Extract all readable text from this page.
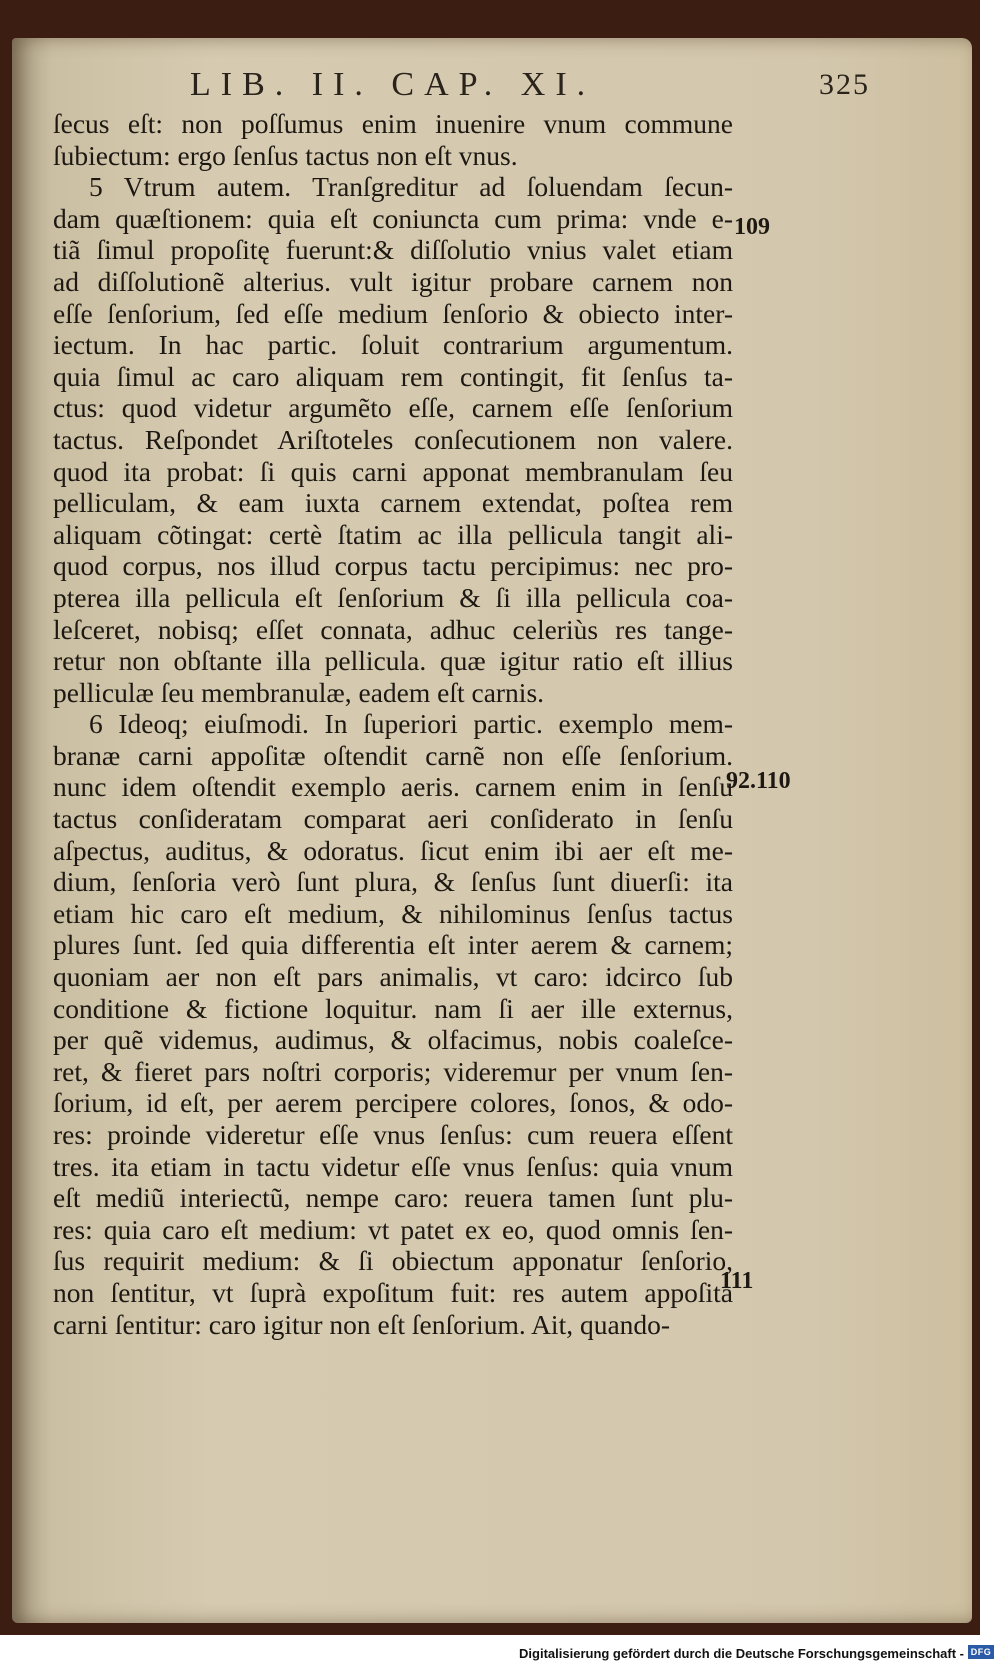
LIB. II. CAP. XI.	325
ſecus eſt: non poſſumus enim inuenire vnum commune
ſubiectum: ergo ſenſus tactus non eſt vnus.
5 Vtrum autem. Tranſgreditur ad ſoluendam ſecun-
dam quæſtionem: quia eſt coniuncta cum prima: vnde e-
tiã ſimul propoſitę fuerunt:& diſſolutio vnius valet etiam
ad diſſolutionẽ alterius. vult igitur probare carnem non
eſſe ſenſorium, ſed eſſe medium ſenſorio & obiecto inter-
iectum. In hac partic. ſoluit contrarium argumentum.
quia ſimul ac caro aliquam rem contingit, fit ſenſus ta-
ctus: quod videtur argumẽto eſſe, carnem eſſe ſenſorium
tactus. Reſpondet Ariſtoteles conſecutionem non valere.
quod ita probat: ſi quis carni apponat membranulam ſeu
pelliculam, & eam iuxta carnem extendat, poſtea rem
aliquam cõtingat: certè ſtatim ac illa pellicula tangit ali-
quod corpus, nos illud corpus tactu percipimus: nec pro-
pterea illa pellicula eſt ſenſorium & ſi illa pellicula coa-
leſceret, nobisq; eſſet connata, adhuc celeriùs res tange-
retur non obſtante illa pellicula. quæ igitur ratio eſt illius
pelliculæ ſeu membranulæ, eadem eſt carnis.
6 Ideoq; eiuſmodi. In ſuperiori partic. exemplo mem-
branæ carni appoſitæ oſtendit carnẽ non eſſe ſenſorium.
nunc idem oſtendit exemplo aeris. carnem enim in ſenſu
tactus conſideratam comparat aeri conſiderato in ſenſu
aſpectus, auditus, & odoratus. ſicut enim ibi aer eſt me-
dium, ſenſoria verò ſunt plura, & ſenſus ſunt diuerſi: ita
etiam hic caro eſt medium, & nihilominus ſenſus tactus
plures ſunt. ſed quia differentia eſt inter aerem & carnem;
quoniam aer non eſt pars animalis, vt caro: idcirco ſub
conditione & fictione loquitur. nam ſi aer ille externus,
per quẽ videmus, audimus, & olfacimus, nobis coaleſce-
ret, & fieret pars noſtri corporis; videremur per vnum ſen-
ſorium, id eſt, per aerem percipere colores, ſonos, & odo-
res: proinde videretur eſſe vnus ſenſus: cum reuera eſſent
tres. ita etiam in tactu videtur eſſe vnus ſenſus: quia vnum
eſt mediũ interiectũ, nempe caro: reuera tamen ſunt plu-
res: quia caro eſt medium: vt patet ex eo, quod omnis ſen-
ſus requirit medium: & ſi obiectum apponatur ſenſorio,
non ſentitur, vt ſuprà expoſitum fuit: res autem appoſita
carni ſentitur: caro igitur non eſt ſenſorium. Ait, quando-
109
92.110
111
Digitalisierung gefördert durch die Deutsche Forschungsgemeinschaft - DFG
